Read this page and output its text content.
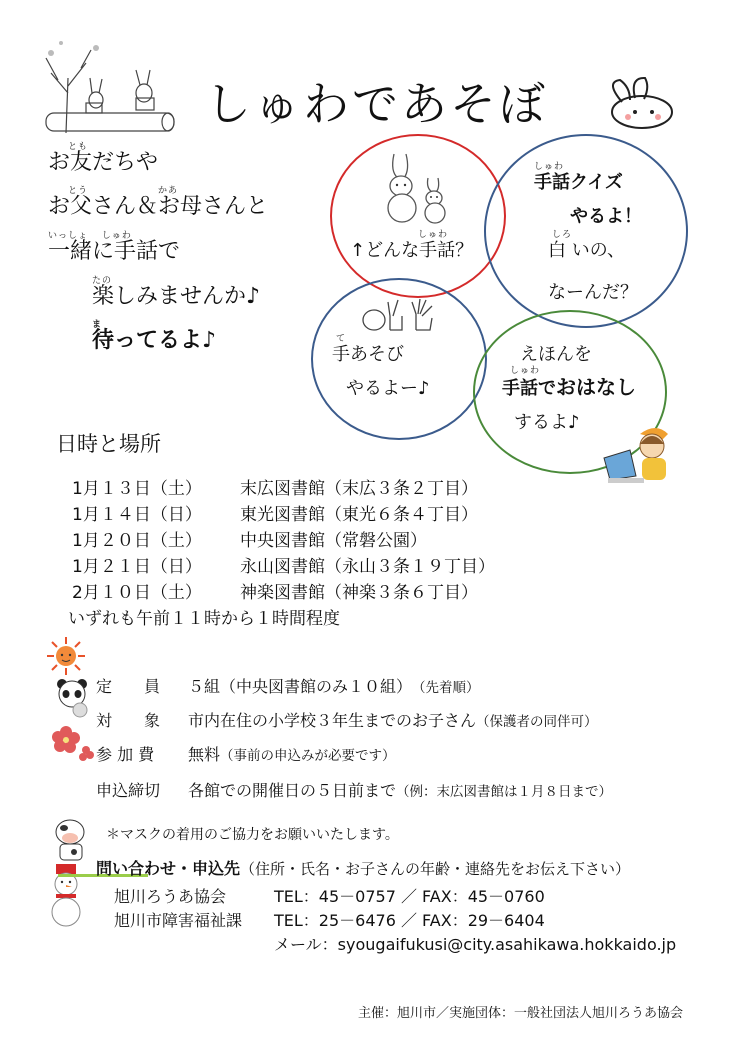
しゅわであそぼ
とも
お友だちや
とう　　　　　　　かあ
お父さん＆お母さんと
いっしょ　 しゅわ
一緒に手話で
たの
楽しみませんか♪
ま
待ってるよ♪
しゅわ
↑どんな手話？
しゅわ
手話クイズ
やるよ！
しろ
白 いの、
なーんだ？
て
手あそび
やるよー♪
えほんを
しゅわ
手話でおはなし
するよ♪
日時と場所
1月１３日（土）	末広図書館（末広３条２丁目）
1月１４日（日）	東光図書館（東光６条４丁目）
1月２０日（土）	中央図書館（常磐公園）
1月２１日（日）	永山図書館（永山３条１９丁目）
2月１０日（土）	神楽図書館（神楽３条６丁目）
いずれも午前１１時から１時間程度
定　　員	５組（中央図書館のみ１０組） （先着順）
対　　象	市内在住の小学校３年生までのお子さん （保護者の同伴可）
参 加 費	無料 （事前の申込みが必要です）
申込締切	各館での開催日の５日前まで （例：末広図書館は１月８日まで）
＊マスクの着用のご協力をお願いいたします。
問い合わせ・申込先（住所・氏名・お子さんの年齢・連絡先をお伝え下さい）
旭川ろうあ協会	TEL：45－0757 ／ FAX：45－0760
旭川市障害福祉課	TEL：25－6476 ／ FAX：29－6404
メール：syougaifukusi@city.asahikawa.hokkaido.jp
主催：旭川市／実施団体：一般社団法人旭川ろうあ協会
